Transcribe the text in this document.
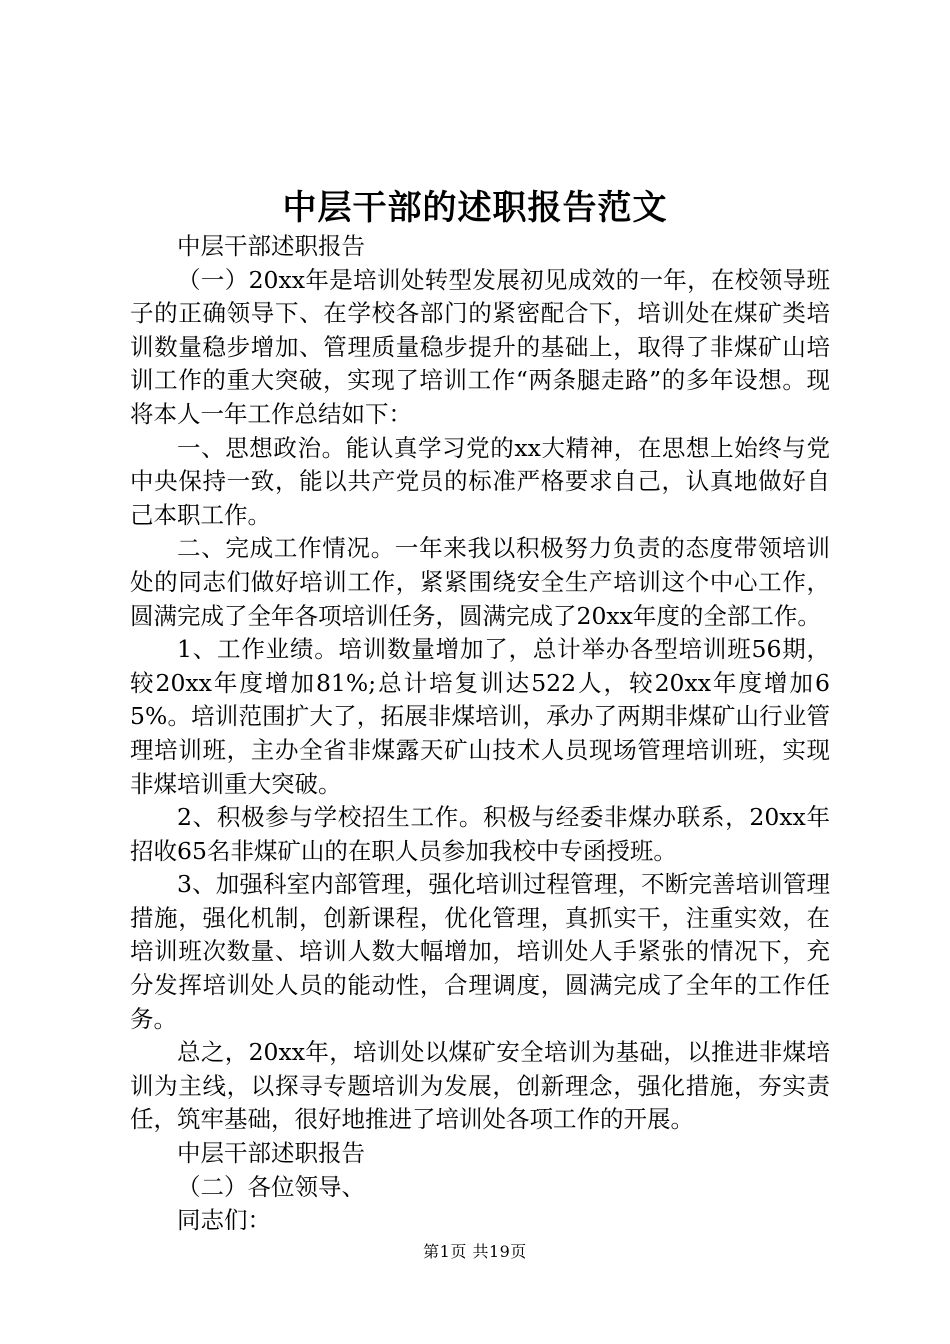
中层干部的述职报告范文

中层干部述职报告

（一）20xx年是培训处转型发展初见成效的一年，在校领导班子的正确领导下、在学校各部门的紧密配合下，培训处在煤矿类培训数量稳步增加、管理质量稳步提升的基础上，取得了非煤矿山培训工作的重大突破，实现了培训工作“两条腿走路”的多年设想。现将本人一年工作总结如下：

一、思想政治。能认真学习党的xx大精神，在思想上始终与党中央保持一致，能以共产党员的标准严格要求自己，认真地做好自己本职工作。

二、完成工作情况。一年来我以积极努力负责的态度带领培训处的同志们做好培训工作，紧紧围绕安全生产培训这个中心工作，圆满完成了全年各项培训任务，圆满完成了20xx年度的全部工作。

1、工作业绩。培训数量增加了，总计举办各型培训班56期，较20xx年度增加81%;总计培复训达522人，较20xx年度增加65%。培训范围扩大了，拓展非煤培训，承办了两期非煤矿山行业管理培训班，主办全省非煤露天矿山技术人员现场管理培训班，实现非煤培训重大突破。

2、积极参与学校招生工作。积极与经委非煤办联系，20xx年招收65名非煤矿山的在职人员参加我校中专函授班。

3、加强科室内部管理，强化培训过程管理，不断完善培训管理措施，强化机制，创新课程，优化管理，真抓实干，注重实效，在培训班次数量、培训人数大幅增加，培训处人手紧张的情况下，充分发挥培训处人员的能动性，合理调度，圆满完成了全年的工作任务。

总之，20xx年，培训处以煤矿安全培训为基础，以推进非煤培训为主线，以探寻专题培训为发展，创新理念，强化措施，夯实责任，筑牢基础，很好地推进了培训处各项工作的开展。

中层干部述职报告

（二）各位领导、

同志们：

第1页 共19页
